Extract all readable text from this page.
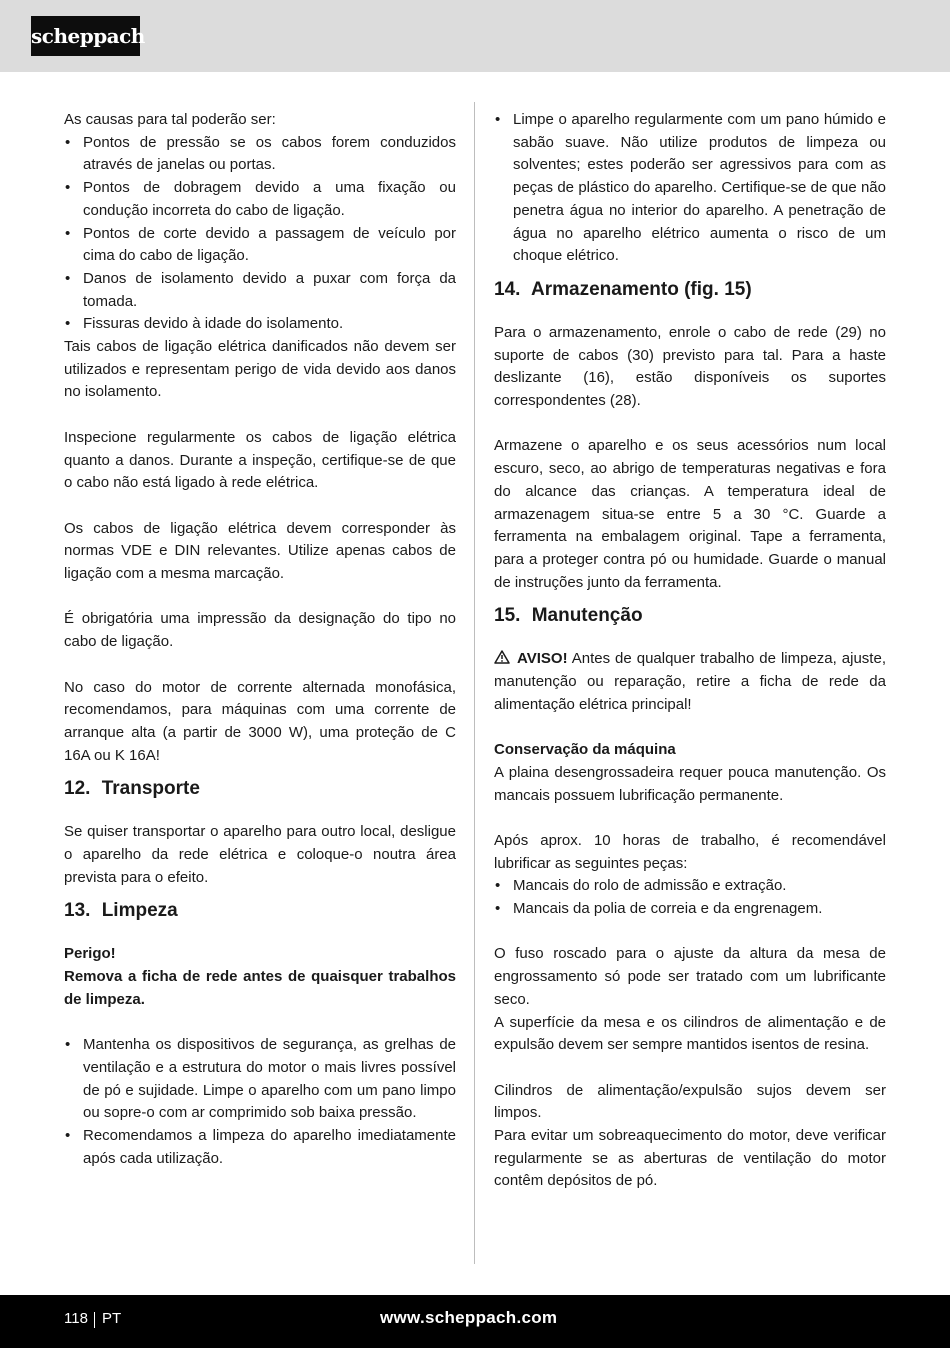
scheppach

As causas para tal poderão ser:

• Pontos de pressão se os cabos forem conduzidos através de janelas ou portas.
• Pontos de dobragem devido a uma fixação ou condução incorreta do cabo de ligação.
• Pontos de corte devido a passagem de veículo por cima do cabo de ligação.
• Danos de isolamento devido a puxar com força da tomada.
• Fissuras devido à idade do isolamento.

Tais cabos de ligação elétrica danificados não devem ser utilizados e representam perigo de vida devido aos danos no isolamento.

Inspecione regularmente os cabos de ligação elétrica quanto a danos. Durante a inspeção, certifique-se de que o cabo não está ligado à rede elétrica.

Os cabos de ligação elétrica devem corresponder às normas VDE e DIN relevantes. Utilize apenas cabos de ligação com a mesma marcação.

É obrigatória uma impressão da designação do tipo no cabo de ligação.

No caso do motor de corrente alternada monofásica, recomendamos, para máquinas com uma corrente de arranque alta (a partir de 3000 W), uma proteção de C 16A ou K 16A!

12. Transporte

Se quiser transportar o aparelho para outro local, desligue o aparelho da rede elétrica e coloque-o noutra área prevista para o efeito.

13. Limpeza

Perigo!

Remova a ficha de rede antes de quaisquer trabalhos de limpeza.

• Mantenha os dispositivos de segurança, as grelhas de ventilação e a estrutura do motor o mais livres possível de pó e sujidade. Limpe o aparelho com um pano limpo ou sopre-o com ar comprimido sob baixa pressão.
• Recomendamos a limpeza do aparelho imediatamente após cada utilização.
• Limpe o aparelho regularmente com um pano húmido e sabão suave. Não utilize produtos de limpeza ou solventes; estes poderão ser agressivos para com as peças de plástico do aparelho. Certifique-se de que não penetra água no interior do aparelho. A penetração de água no aparelho elétrico aumenta o risco de um choque elétrico.
14. Armazenamento (fig. 15)

Para o armazenamento, enrole o cabo de rede (29) no suporte de cabos (30) previsto para tal. Para a haste deslizante (16), estão disponíveis os suportes correspondentes (28).

Armazene o aparelho e os seus acessórios num local escuro, seco, ao abrigo de temperaturas negativas e fora do alcance das crianças. A temperatura ideal de armazenagem situa-se entre 5 a 30 °C. Guarde a ferramenta na embalagem original. Tape a ferramenta, para a proteger contra pó ou humidade. Guarde o manual de instruções junto da ferramenta.

15. Manutenção

AVISO! Antes de qualquer trabalho de limpeza, ajuste, manutenção ou reparação, retire a ficha de rede da alimentação elétrica principal!

Conservação da máquina

A plaina desengrossadeira requer pouca manutenção. Os mancais possuem lubrificação permanente.

Após aprox. 10 horas de trabalho, é recomendável lubrificar as seguintes peças:

• Mancais do rolo de admissão e extração.
• Mancais da polia de correia e da engrenagem.

O fuso roscado para o ajuste da altura da mesa de engrossamento só pode ser tratado com um lubrificante seco.

A superfície da mesa e os cilindros de alimentação e de expulsão devem ser sempre mantidos isentos de resina.

Cilindros de alimentação/expulsão sujos devem ser limpos.

Para evitar um sobreaquecimento do motor, deve verificar regularmente se as aberturas de ventilação do motor contêm depósitos de pó.

118 PT	www.scheppach.com
